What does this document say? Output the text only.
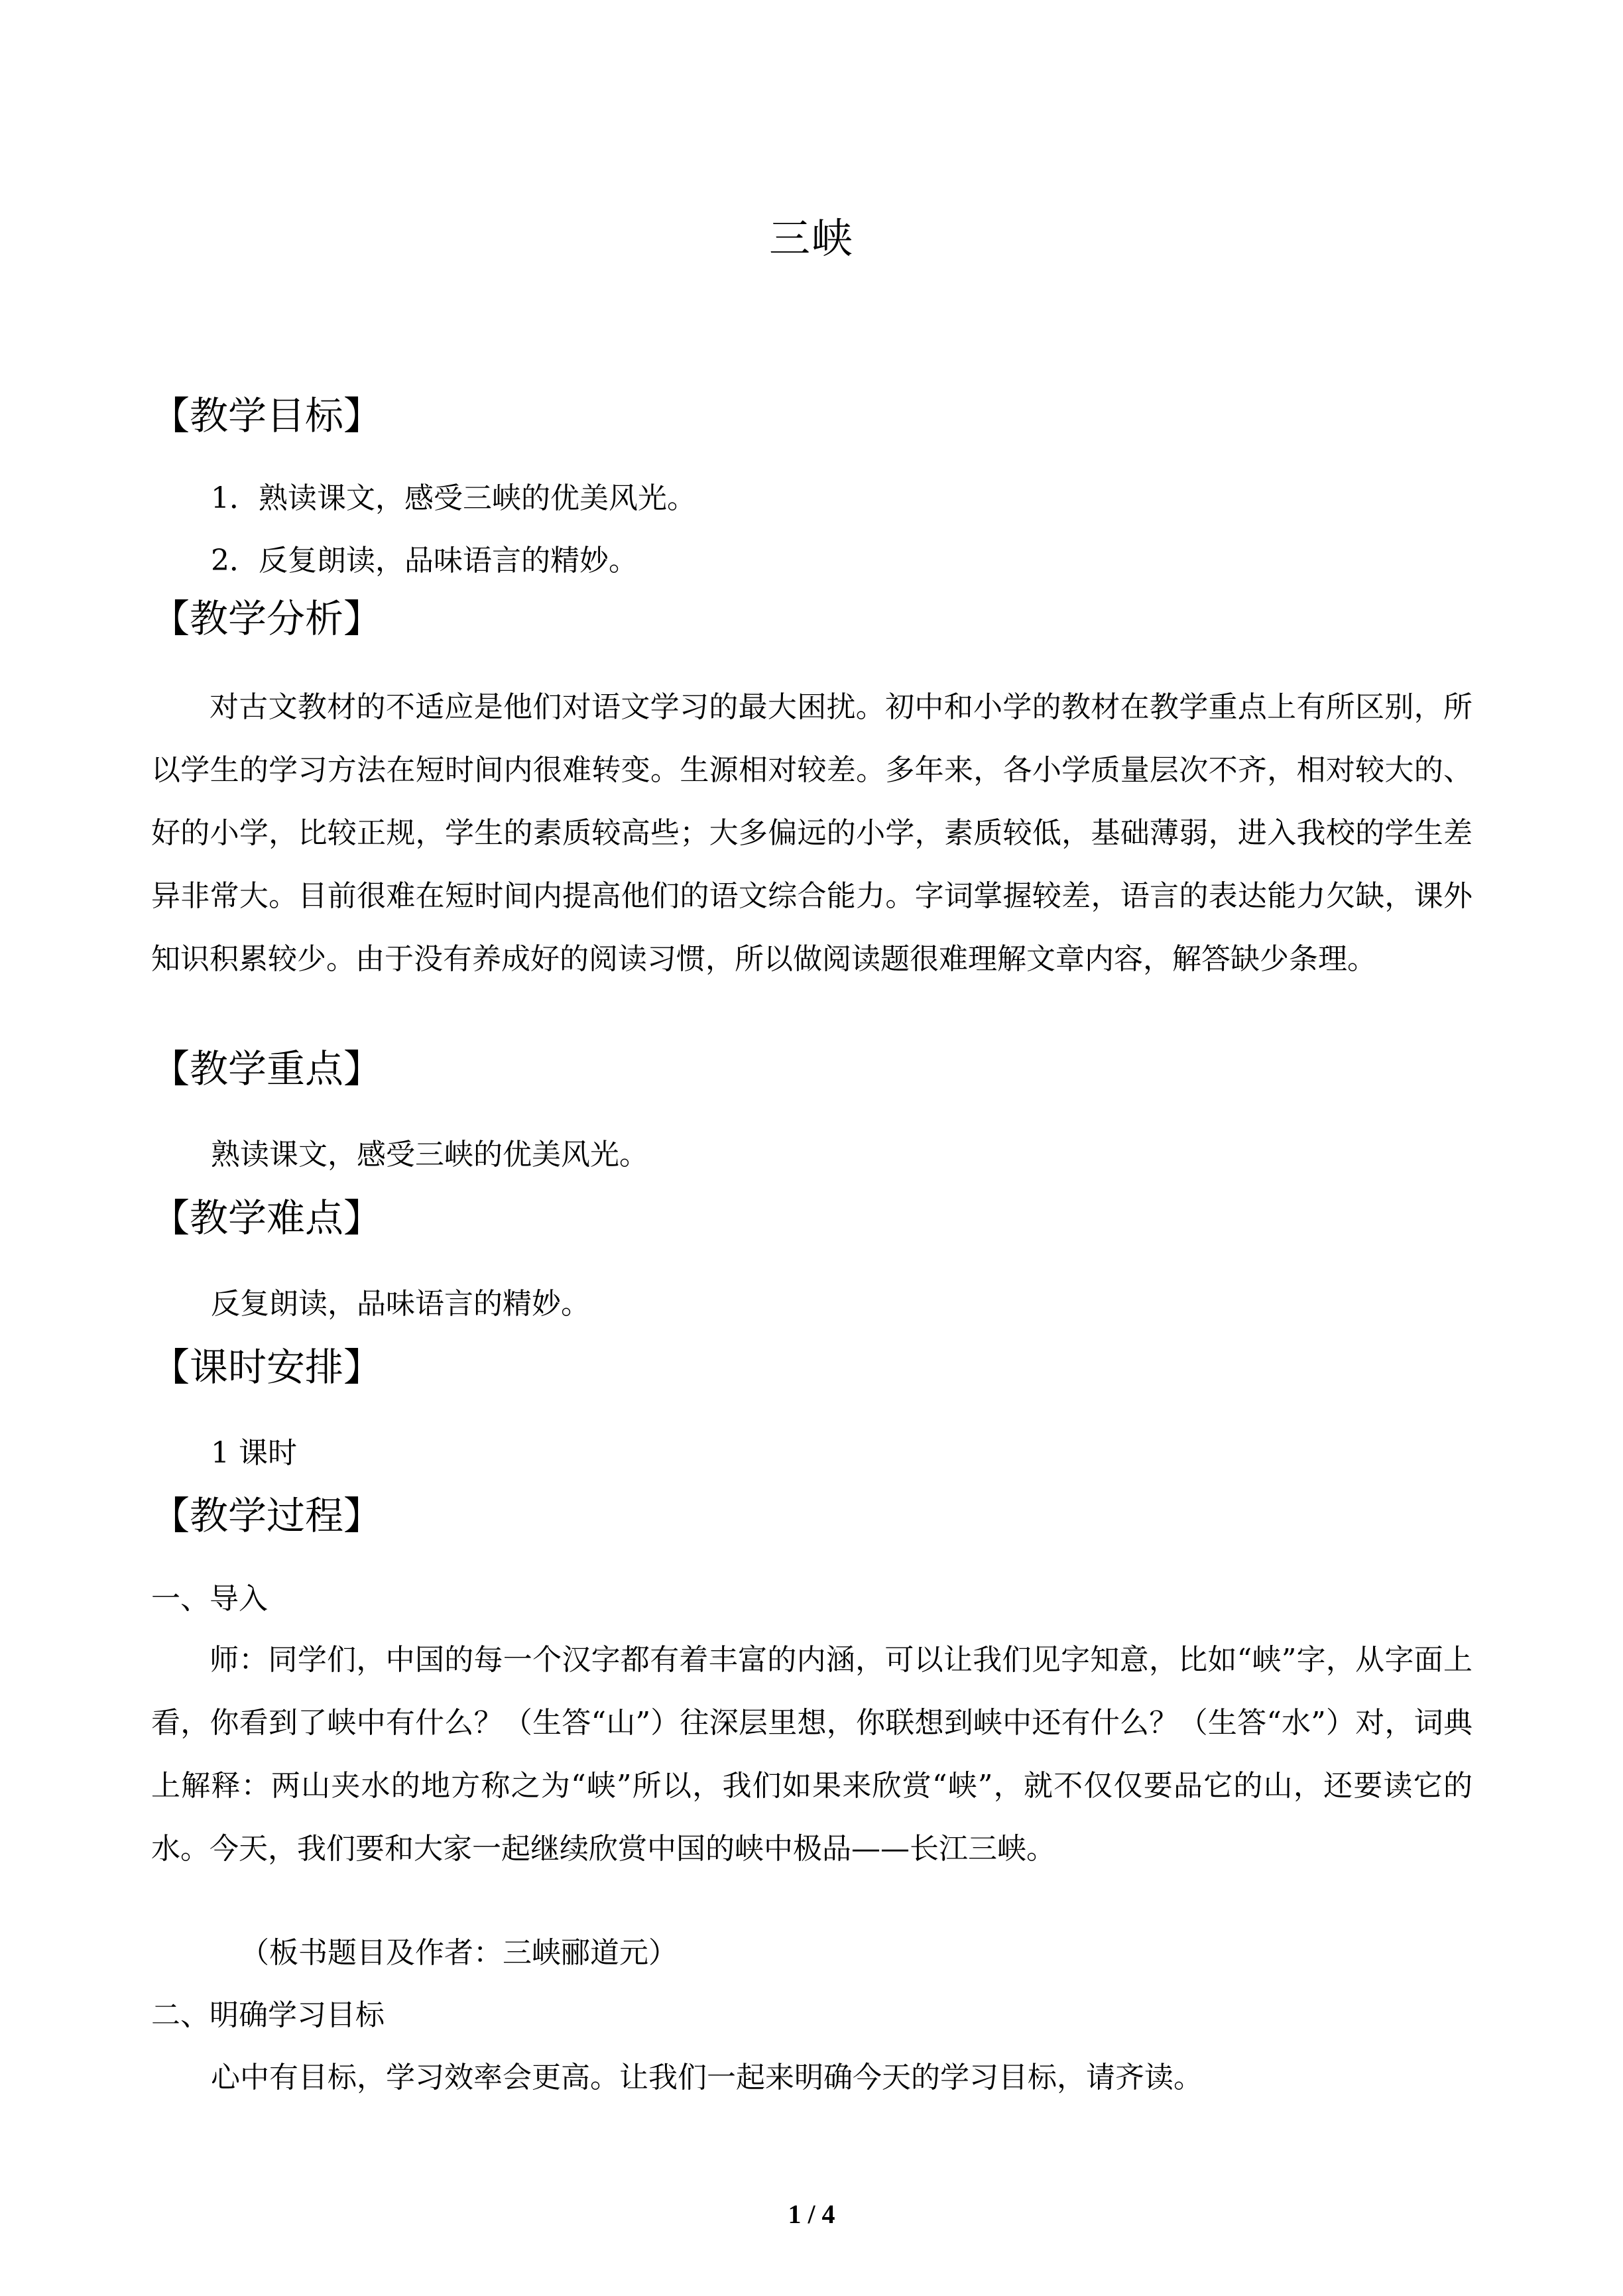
三峡
【教学目标】
1．熟读课文，感受三峡的优美风光。
2．反复朗读，品味语言的精妙。
【教学分析】
对古文教材的不适应是他们对语文学习的最大困扰。初中和小学的教材在教学重点上有所区别，所以学生的学习方法在短时间内很难转变。生源相对较差。多年来，各小学质量层次不齐，相对较大的、好的小学，比较正规，学生的素质较高些；大多偏远的小学，素质较低，基础薄弱，进入我校的学生差异非常大。目前很难在短时间内提高他们的语文综合能力。字词掌握较差，语言的表达能力欠缺，课外知识积累较少。由于没有养成好的阅读习惯，所以做阅读题很难理解文章内容，解答缺少条理。
【教学重点】
熟读课文，感受三峡的优美风光。
【教学难点】
反复朗读，品味语言的精妙。
【课时安排】
1 课时
【教学过程】
一、导入
师：同学们，中国的每一个汉字都有着丰富的内涵，可以让我们见字知意，比如“峡”字，从字面上看，你看到了峡中有什么？（生答“山”）往深层里想，你联想到峡中还有什么？（生答“水”）对，词典上解释：两山夹水的地方称之为“峡”所以，我们如果来欣赏“峡”，就不仅仅要品它的山，还要读它的水。今天，我们要和大家一起继续欣赏中国的峡中极品——长江三峡。
（板书题目及作者：三峡郦道元）
二、明确学习目标
心中有目标，学习效率会更高。让我们一起来明确今天的学习目标，请齐读。
1 / 4
